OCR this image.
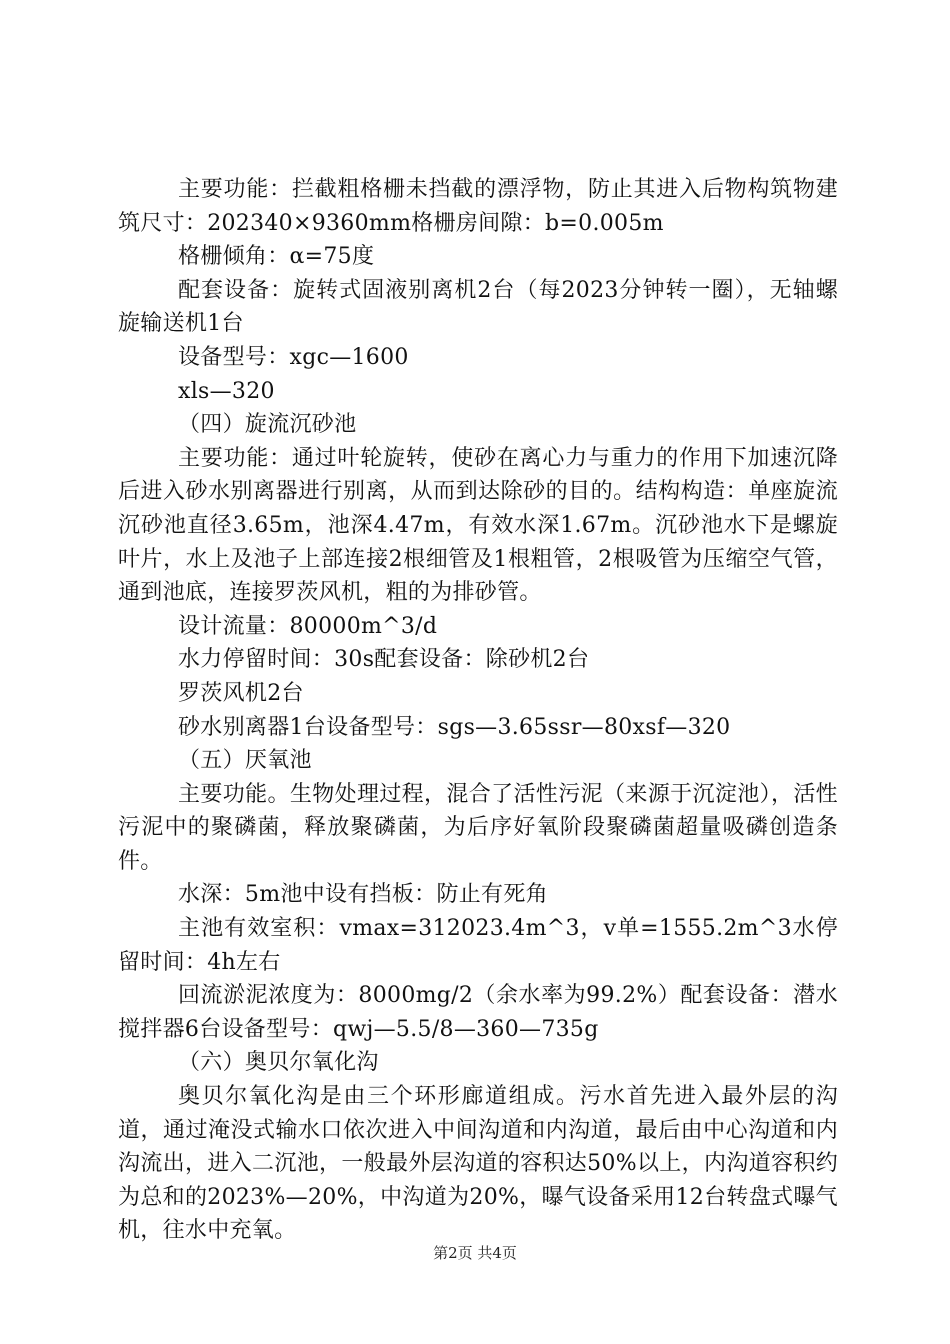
主要功能：拦截粗格栅未挡截的漂浮物，防止其进入后物构筑物建筑尺寸：202340×9360mm格栅房间隙：b=0.005m

格栅倾角：α=75度

配套设备：旋转式固液别离机2台（每2023分钟转一圈），无轴螺旋输送机1台

设备型号：xgc—1600

xls—320

（四）旋流沉砂池

主要功能：通过叶轮旋转，使砂在离心力与重力的作用下加速沉降后进入砂水别离器进行别离，从而到达除砂的目的。结构构造：单座旋流沉砂池直径3.65m，池深4.47m，有效水深1.67m。沉砂池水下是螺旋叶片，水上及池子上部连接2根细管及1根粗管，2根吸管为压缩空气管，通到池底，连接罗茨风机，粗的为排砂管。

设计流量：80000m^3/d

水力停留时间：30s配套设备：除砂机2台

罗茨风机2台

砂水别离器1台设备型号：sgs—3.65ssr—80xsf—320

（五）厌氧池

主要功能。生物处理过程，混合了活性污泥（来源于沉淀池），活性污泥中的聚磷菌，释放聚磷菌，为后序好氧阶段聚磷菌超量吸磷创造条件。

水深：5m池中设有挡板：防止有死角

主池有效室积：vmax=312023.4m^3，v单=1555.2m^3水停留时间：4h左右

回流淤泥浓度为：8000mg/2（余水率为99.2%）配套设备：潜水搅拌器6台设备型号：qwj—5.5/8—360—735g

（六）奥贝尔氧化沟

奥贝尔氧化沟是由三个环形廊道组成。污水首先进入最外层的沟道，通过淹没式输水口依次进入中间沟道和内沟道，最后由中心沟道和内沟流出，进入二沉池，一般最外层沟道的容积达50%以上，内沟道容积约为总和的2023%—20%，中沟道为20%，曝气设备采用12台转盘式曝气机，往水中充氧。

第2页 共4页
